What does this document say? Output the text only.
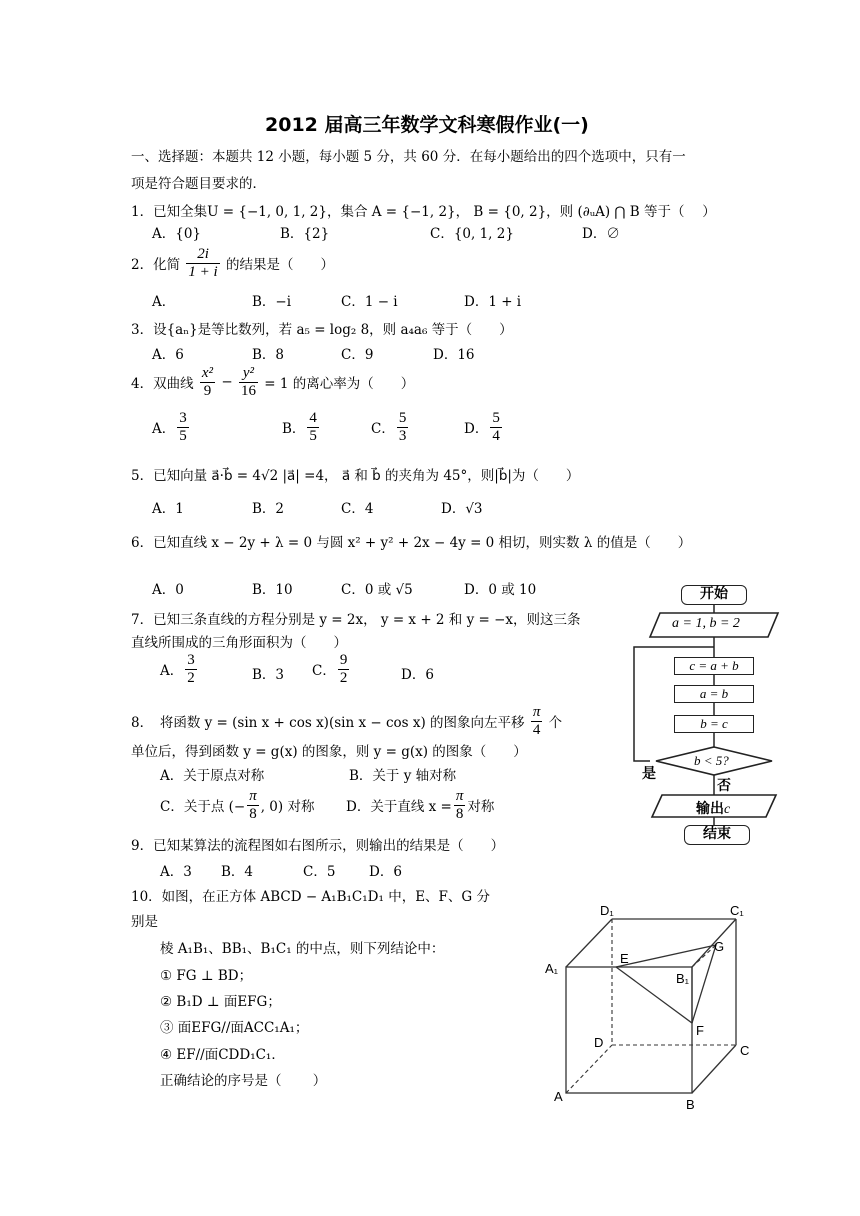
2012 届高三年数学文科寒假作业(一)
一、选择题：本题共 12 小题，每小题 5 分，共 60 分．在每小题给出的四个选项中，只有一
项是符合题目要求的．
1．已知全集U = {−1, 0, 1, 2}，集合 A = {−1, 2}， B = {0, 2}，则 (∂ᵤA) ⋂ B 等于（　 ）
A．{0}	B．{2}	C．{0, 1, 2}	D．∅
2．化简 $\frac{2i}{1 + i}$ 的结果是（　　）
A．	B．−i	C．1 − i	D．1 + i
3．设{aₙ}是等比数列，若 a₅ = log₂ 8，则 a₄a₆ 等于（　　）
A．6	B．8	C．9	D．16
4．双曲线 $\frac{\text{x²}}{9} - \frac{\text{y²}}{16} = 1$ 的离心率为（　　）
A． $\frac{3}{5}$	B． $\frac{4}{5}$	C． $\frac{5}{3}$	D． $\frac{5}{4}$
5．已知向量 a⃗·b⃗ = 4√2 |a⃗| =4， a⃗ 和 b⃗ 的夹角为 45°，则|b⃗|为（　　）
A．1	B．2	C．4	D．√3
6．已知直线 x − 2y + λ = 0 与圆 x² + y² + 2x − 4y = 0 相切，则实数 λ 的值是（　　）
A．0	B．10	C．0 或 √5	D．0 或 10
7．已知三条直线的方程分别是 y = 2x， y = x + 2 和 y = −x，则这三条
直线所围成的三角形面积为（　　）
A． $\frac{3}{2}$	B．3 C． $\frac{9}{2}$	D．6
8．　将函数 y = (sin x + cos x)(sin x − cos x) 的图象向左平移 $\frac{\pi}{4}$ 个
单位后，得到函数 y = g(x) 的图象，则 y = g(x) 的图象（　　）
A．关于原点对称	B．关于 y 轴对称
C．关于点 (− $\frac{\pi}{8}$ , 0) 对称 D．关于直线 $x = \frac{\pi}{8}$ 对称
9．已知某算法的流程图如右图所示，则输出的结果是（　　）
A．3 B．4	C．5 D．6
10．如图，在正方体 ABCD − A₁B₁C₁D₁ 中，E、F、G 分
别是
棱 A₁B₁、BB₁、B₁C₁ 的中点，则下列结论中：
① FG ⊥ BD；
② B₁D ⊥ 面EFG；
③ 面EFG//面ACC₁A₁；
④ EF//面CDD₁C₁．
正确结论的序号是（　　 ）
开始
a = 1, b = 2
c = a + b
a = b
b = c
b < 5?
是
否
输出c
结束
D₁	C₁
A₁
E
B₁
G
F
D
C
A
B
